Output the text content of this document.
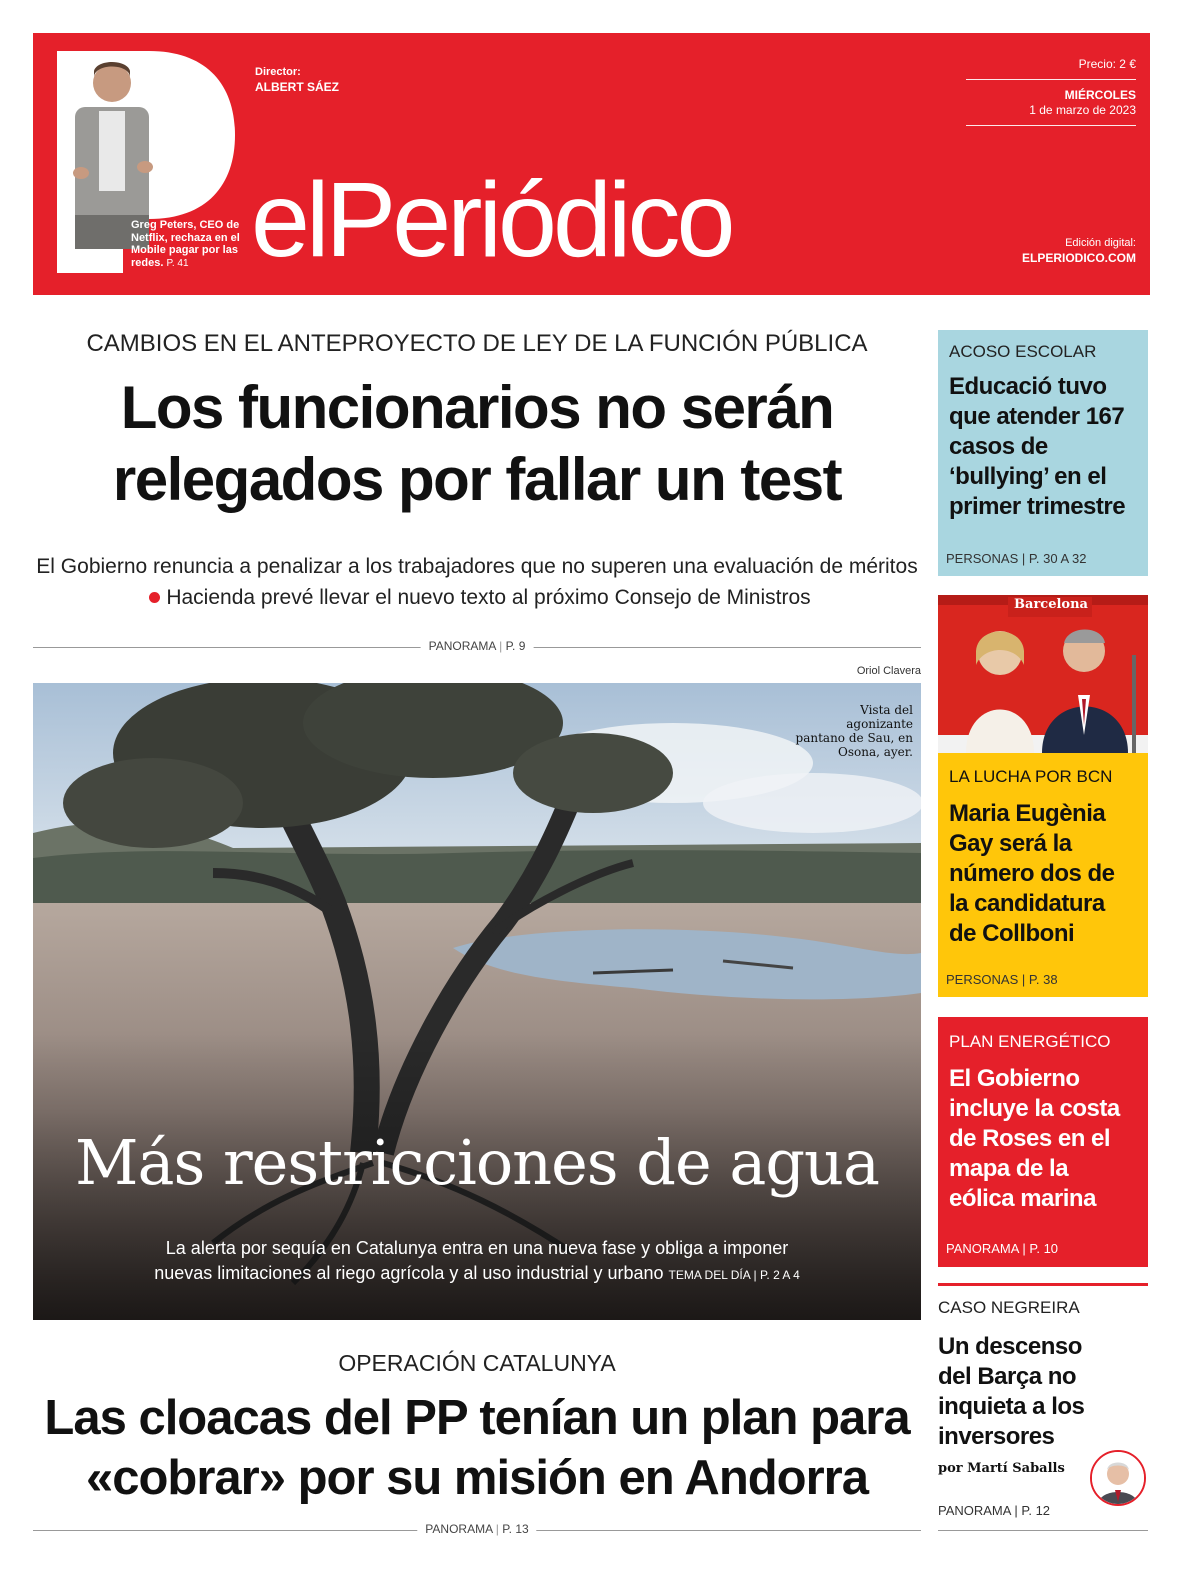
Greg Peters, CEO de Netflix, rechaza en el Mobile pagar por las redes. P. 41
Director:
ALBERT SÁEZ
elPeriódico
Precio: 2 €
MIÉRCOLES
1 de marzo de 2023
Edición digital:
ELPERIODICO.COM
CAMBIOS EN EL ANTEPROYECTO DE LEY DE LA FUNCIÓN PÚBLICA
Los funcionarios no serán
relegados por fallar un test
El Gobierno renuncia a penalizar a los trabajadores que no superen una evaluación de méritosHacienda prevé llevar el nuevo texto al próximo Consejo de Ministros
PANORAMA | P. 9
Oriol Clavera
Vista del agonizante pantano de Sau, en Osona, ayer.
Más restricciones de agua
La alerta por sequía en Catalunya entra en una nueva fase y obliga a imponer
nuevas limitaciones al riego agrícola y al uso industrial y urbano TEMA DEL DÍA | P. 2 A 4
OPERACIÓN CATALUNYA
Las cloacas del PP tenían un plan para
«cobrar» por su misión en Andorra
PANORAMA | P. 13
ACOSO ESCOLAR
Educació tuvo que atender 167 casos de ‘bullying’ en el primer trimestre
PERSONAS | P. 30 A 32
Barcelona
LA LUCHA POR BCN
Maria Eugènia Gay será la número dos de la candidatura de Collboni
PERSONAS | P. 38
PLAN ENERGÉTICO
El Gobierno incluye la costa de Roses en el mapa de la eólica marina
PANORAMA | P. 10
CASO NEGREIRA
Un descenso del Barça no inquieta a los inversores
por Martí Saballs
PANORAMA | P. 12
